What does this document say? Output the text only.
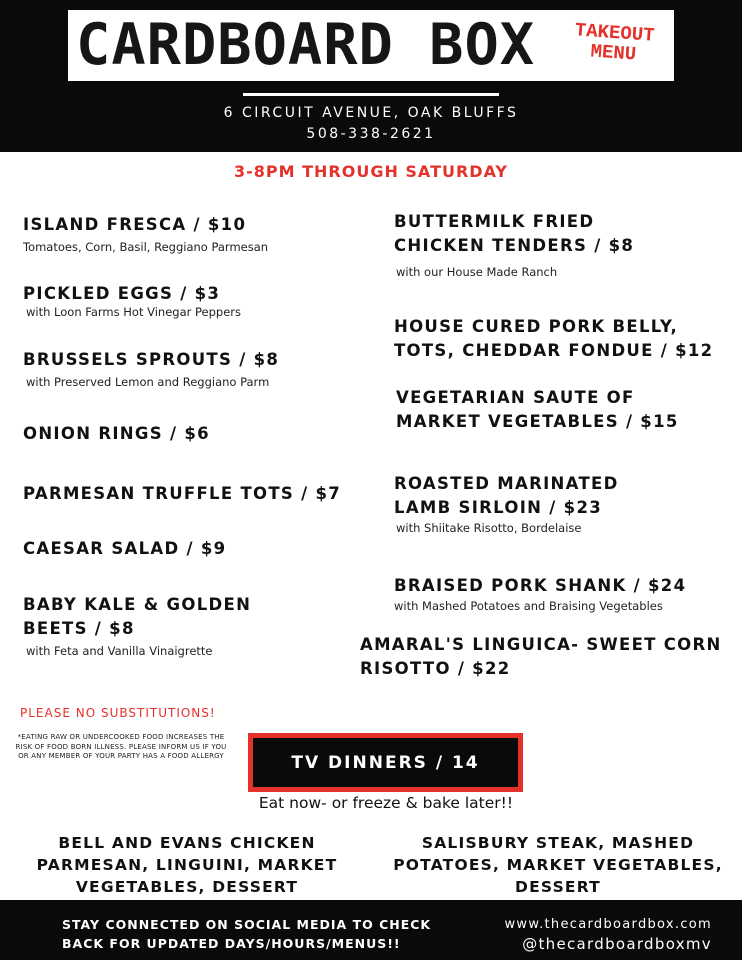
CARDBOARD BOX	TAKEOUT
MENU
6 CIRCUIT AVENUE, OAK BLUFFS
508-338-2621
3-8PM THROUGH SATURDAY
ISLAND FRESCA / $10
Tomatoes, Corn, Basil, Reggiano Parmesan
PICKLED EGGS / $3
with Loon Farms Hot Vinegar Peppers
BRUSSELS SPROUTS / $8
with Preserved Lemon and Reggiano Parm
ONION RINGS / $6
PARMESAN TRUFFLE TOTS / $7
CAESAR SALAD / $9
BABY KALE & GOLDEN
BEETS / $8
with Feta and Vanilla Vinaigrette
BUTTERMILK FRIED
CHICKEN TENDERS / $8
with our House Made Ranch
HOUSE CURED PORK BELLY,
TOTS, CHEDDAR FONDUE / $12
VEGETARIAN SAUTE OF
MARKET VEGETABLES / $15
ROASTED MARINATED
LAMB SIRLOIN / $23
with Shiitake Risotto, Bordelaise
BRAISED PORK SHANK / $24
with Mashed Potatoes and Braising Vegetables
AMARAL'S LINGUICA- SWEET CORN
RISOTTO / $22
PLEASE NO SUBSTITUTIONS!
*EATING RAW OR UNDERCOOKED FOOD INCREASES THE RISK OF FOOD BORN ILLNESS. PLEASE INFORM US IF YOU OR ANY MEMBER OF YOUR PARTY HAS A FOOD ALLERGY	TV DINNERS / 14
Eat now- or freeze & bake later!!
BELL AND EVANS CHICKEN
PARMESAN, LINGUINI, MARKET
VEGETABLES, DESSERT
SALISBURY STEAK, MASHED
POTATOES, MARKET VEGETABLES,
DESSERT
STAY CONNECTED ON SOCIAL MEDIA TO CHECK
BACK FOR UPDATED DAYS/HOURS/MENUS!!
www.thecardboardbox.com
@thecardboardboxmv
